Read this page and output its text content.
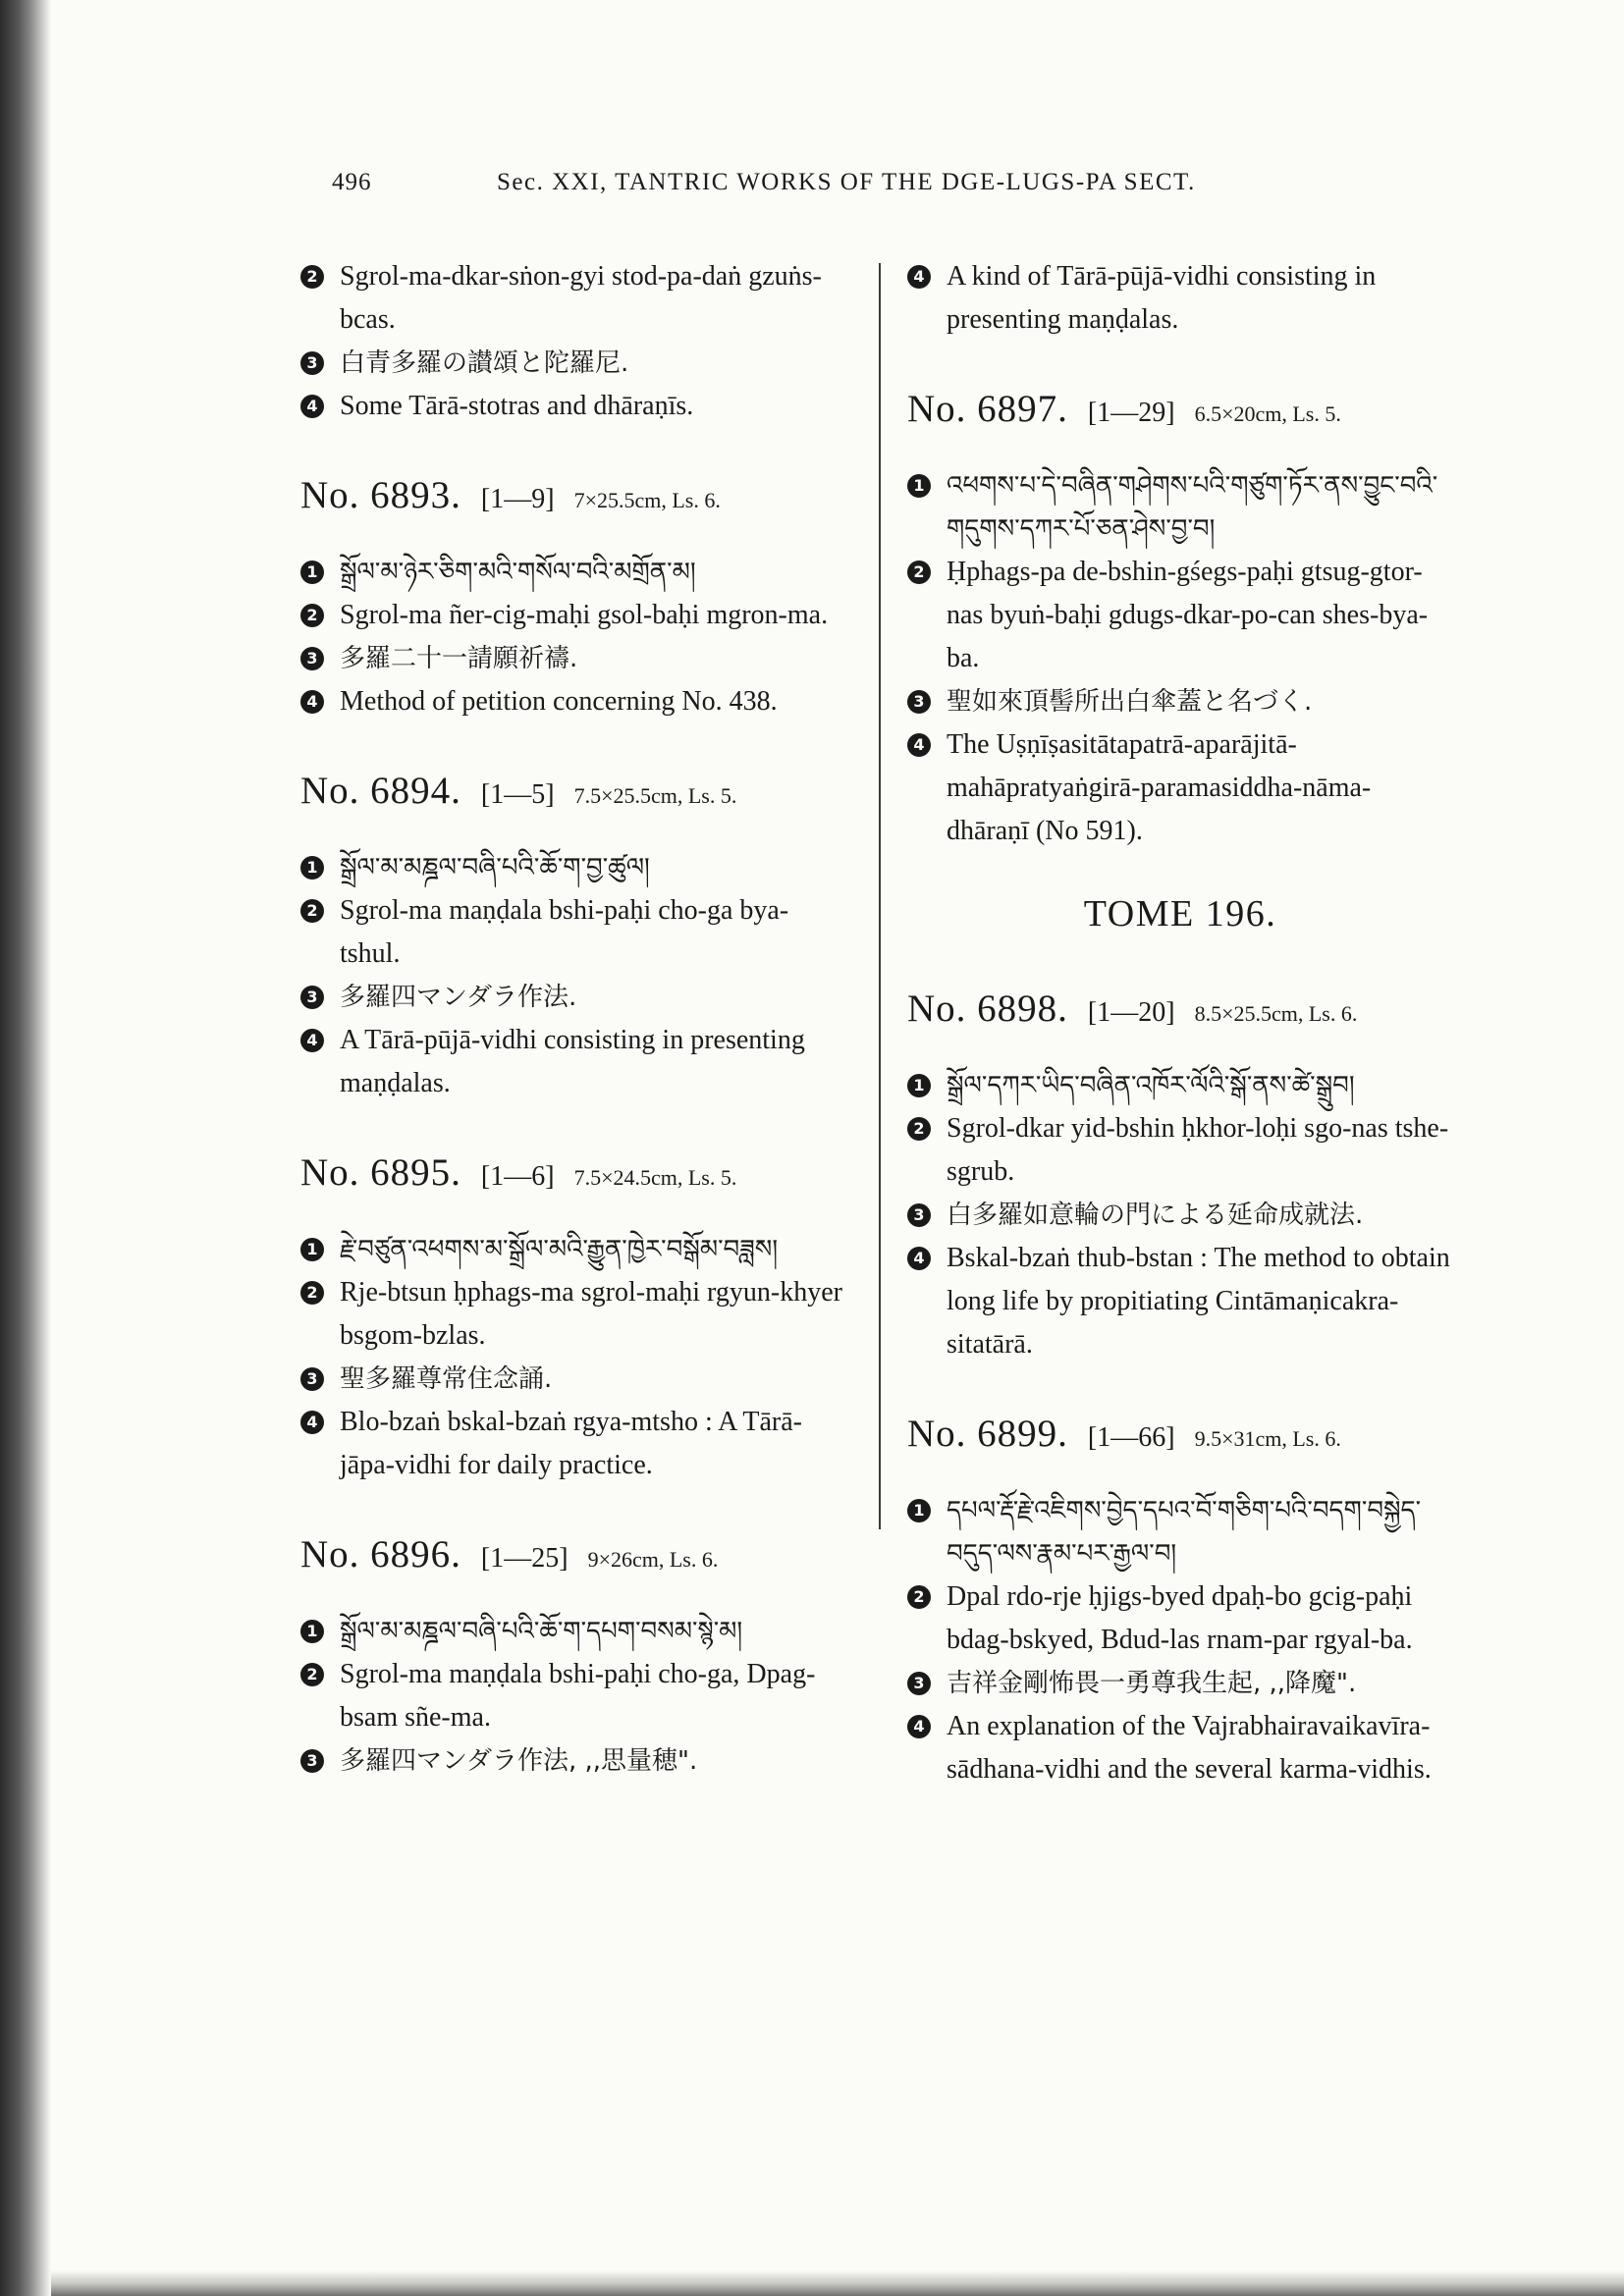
496	Sec. XXI, TANTRIC WORKS OF THE DGE-LUGS-PA SECT.

2 Sgrol-ma-dkar-sṅon-gyi stod-pa-daṅ gzuṅs-bcas.

3 白青多羅の讃頌と陀羅尼.

4 Some Tārā-stotras and dhāraṇīs.

No. 6893. [1—9] 7×25.5cm, Ls. 6.

1 སྒྲོལ་མ་ཉེར་ཅིག་མའི་གསོལ་བའི་མགྲོན་མ།

2 Sgrol-ma ñer-cig-maḥi gsol-baḥi mgron-ma.

3 多羅二十一請願祈禱.

4 Method of petition concerning No. 438.

No. 6894. [1—5] 7.5×25.5cm, Ls. 5.

1 སྒྲོལ་མ་མཎྜལ་བཞི་པའི་ཆོ་ག་བྱ་ཚུལ།

2 Sgrol-ma maṇḍala bshi-paḥi cho-ga bya-tshul.

3 多羅四マンダラ作法.

4 A Tārā-pūjā-vidhi consisting in presenting maṇḍalas.

No. 6895. [1—6] 7.5×24.5cm, Ls. 5.

1 རྗེ་བཙུན་འཕགས་མ་སྒྲོལ་མའི་རྒྱུན་ཁྱེར་བསྒོམ་བཟླས།

2 Rje-btsun ḥphags-ma sgrol-maḥi rgyun-khyer bsgom-bzlas.

3 聖多羅尊常住念誦.

4 Blo-bzaṅ bskal-bzaṅ rgya-mtsho : A Tārā-jāpa-vidhi for daily practice.

No. 6896. [1—25] 9×26cm, Ls. 6.

1 སྒྲོལ་མ་མཎྜལ་བཞི་པའི་ཆོ་ག་དཔག་བསམ་སྙེ་མ།

2 Sgrol-ma maṇḍala bshi-paḥi cho-ga, Dpag-bsam sñe-ma.

3 多羅四マンダラ作法, ,,思量穂".

4 A kind of Tārā-pūjā-vidhi consisting in presenting maṇḍalas.

No. 6897. [1—29] 6.5×20cm, Ls. 5.

1 འཕགས་པ་དེ་བཞིན་གཤེགས་པའི་གཙུག་ཏོར་ནས་བྱུང་བའི་གདུགས་དཀར་པོ་ཅན་ཤེས་བྱ་བ།

2 Ḥphags-pa de-bshin-gśegs-paḥi gtsug-gtor-nas byuṅ-baḥi gdugs-dkar-po-can shes-bya-ba.

3 聖如來頂髻所出白傘蓋と名づく.

4 The Uṣṇīṣasitātapatrā-aparājitā-mahāpratyaṅgirā-paramasiddha-nāma-dhāraṇī (No 591).

TOME 196.
No. 6898. [1—20] 8.5×25.5cm, Ls. 6.

1 སྒྲོལ་དཀར་ཡིད་བཞིན་འཁོར་ལོའི་སྒོ་ནས་ཚེ་སྒྲུབ།

2 Sgrol-dkar yid-bshin ḥkhor-loḥi sgo-nas tshe-sgrub.

3 白多羅如意輪の門による延命成就法.

4 Bskal-bzaṅ thub-bstan : The method to obtain long life by propitiating Cintāmaṇicakra-sitatārā.

No. 6899. [1—66] 9.5×31cm, Ls. 6.

1 དཔལ་རྡོ་རྗེ་འཇིགས་བྱེད་དཔའ་བོ་གཅིག་པའི་བདག་བསྐྱེད་བདུད་ལས་རྣམ་པར་རྒྱལ་བ།

2 Dpal rdo-rje ḥjigs-byed dpaḥ-bo gcig-paḥi bdag-bskyed, Bdud-las rnam-par rgyal-ba.

3 吉祥金剛怖畏一勇尊我生起, ,,降魔".

4 An explanation of the Vajrabhairavaikavīra-sādhana-vidhi and the several karma-vidhis.
